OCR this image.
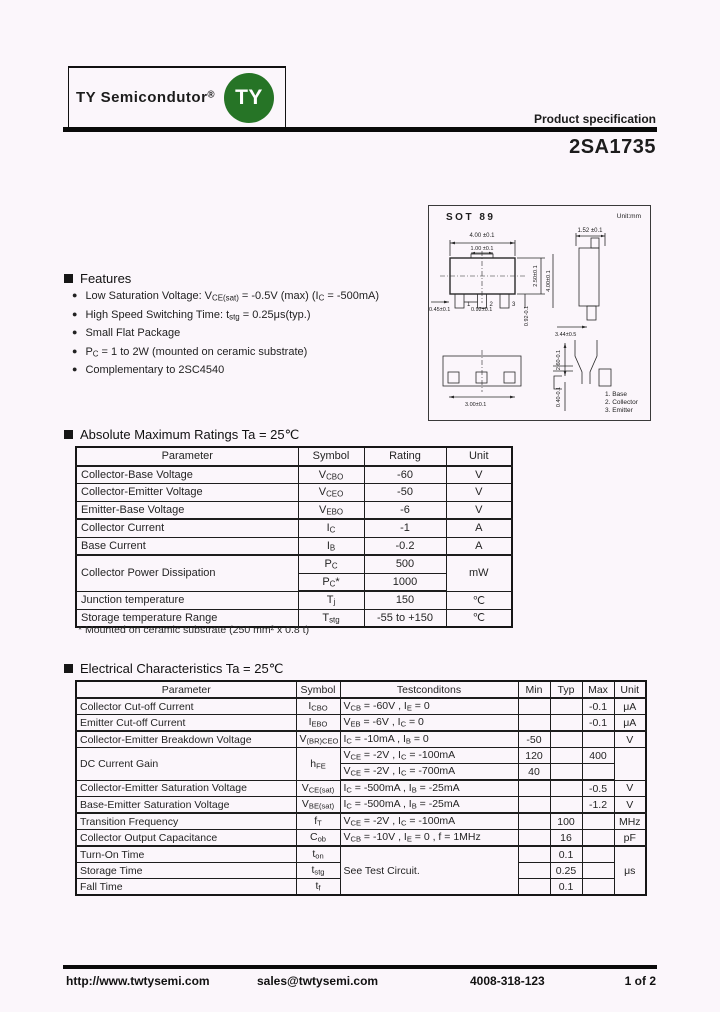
TY Semicondutor® TY
Product specification
2SA1735
SOT 89	Unit:mm
4.00 ±0.1
1.00 ±0.1
1	2	3
2.50±0.1 4.00±0.1
0.45±0.1	0.92±0.1	0.92-0.1
1.52 ±0.1
3.44±0.5
3.00±0.1
2.60-0.1
0.40-0.1	1. Base
2. Collector
3. Emitter
Features
● Low Saturation Voltage: $V_{CE(sat)} = -0.5V$ (max) $(I_C = -500mA)$
● High Speed Switching Time: $t_{stg} = 0.25\mu s(typ.)$
● Small Flat Package
● $P_C = 1$ to 2W (mounted on ceramic substrate)
● Complementary to 2SC4540
Absolute Maximum Ratings Ta = 25℃
Parameter	Symbol	Rating	Unit
Collector-Base Voltage	$V_{CBO}$	-60	V
Collector-Emitter Voltage	$V_{CEO}$	-50	V
Emitter-Base Voltage	$V_{EBO}$	-6	V
Collector Current	$I_C$	-1	A
Base Current	$I_B$	-0.2	A
Collector Power Dissipation	$P_C$	500	mW
	$P_C*$	1000	
Junction temperature	$T_j$	150	℃
Storage temperature Range	$T_{stg}$	-55 to +150	℃
* Mounted on ceramic substrate (250 mm² x 0.8 t)
Electrical Characteristics Ta = 25℃
Parameter	Symbol	Testconditons	Min	Typ	Max	Unit
Collector Cut-off Current	$I_{CBO}$	$V_{CB} = -60V$ , $I_E = 0$			-0.1	μA
Emitter Cut-off Current	$I_{EBO}$	$V_{EB} = -6V$ , $I_C = 0$			-0.1	μA
Collector-Emitter Breakdown Voltage	$V_{(BR)CEO}$	$I_C = -10mA$ , $I_B = 0$	-50			V
DC Current Gain	$h_{FE}$	$V_{CE} = -2V$ , $I_C = -100mA$	120		400	
		$V_{CE} = -2V$ , $I_C = -700mA$	40			
Collector-Emitter Saturation Voltage	$V_{CE(sat)}$	$I_C = -500mA$ , $I_B = -25mA$			-0.5	V
Base-Emitter Saturation Voltage	$V_{BE(sat)}$	$I_C = -500mA$ , $I_B = -25mA$			-1.2	V
Transition Frequency	$f_T$	$V_{CE} = -2V$ , $I_C = -100mA$		100		MHz
Collector Output Capacitance	$C_{ob}$	$V_{CB} = -10V$ , $I_E = 0$ , f = 1MHz		16		pF
Turn-On Time	$t_{on}$	See Test Circuit.		0.1		μs
Storage Time	$t_{stg}$			0.25		
Fall Time	$t_f$			0.1		
http://www.twtysemi.com	sales@twtysemi.com	4008-318-123	1 of 2
